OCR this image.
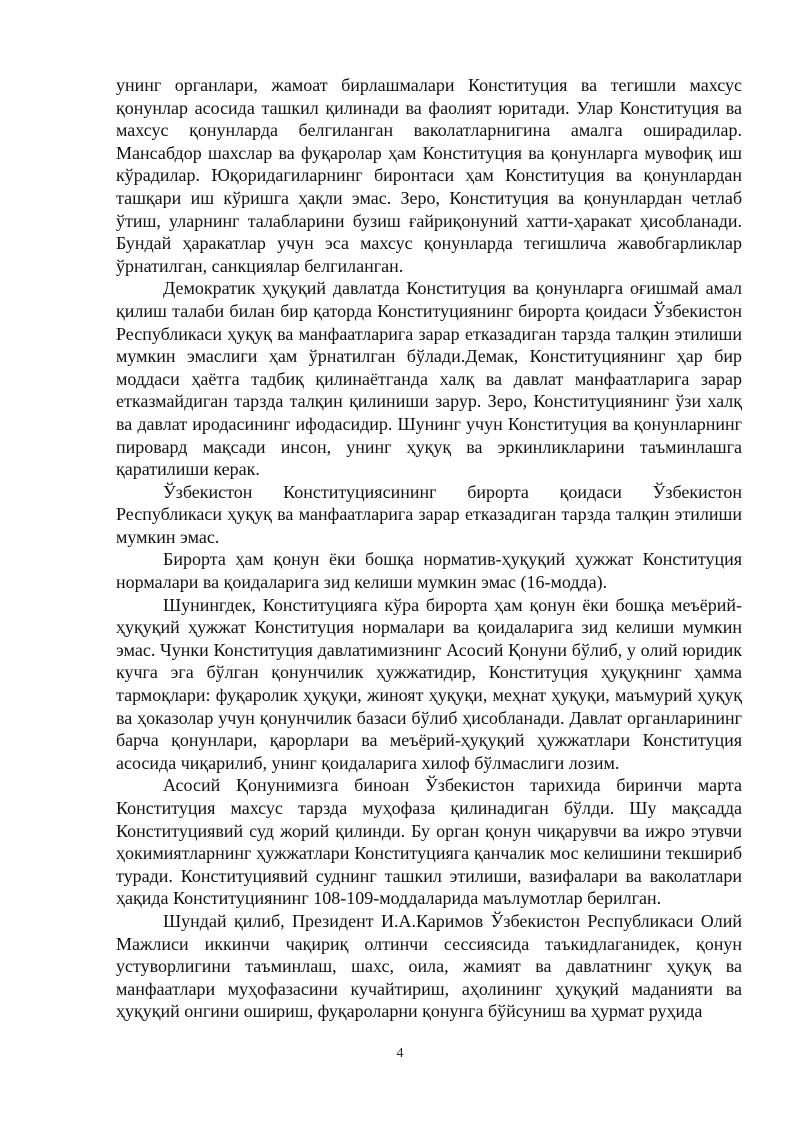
унинг органлари, жамоат бирлашмалари Конституция ва тегишли махсус қонунлар асосида ташкил қилинади ва фаолият юритади. Улар Конституция ва махсус қонунларда белгиланган ваколатларнигина амалга оширадилар. Мансабдор шахслар ва фуқаролар ҳам Конституция ва қонунларга мувофиқ иш кўрадилар. Юқоридагиларнинг биронтаси ҳам Конституция ва қонунлардан ташқари иш кўришга ҳақли эмас. Зеро, Конституция ва қонунлардан четлаб ўтиш, уларнинг талабларини бузиш ғайриқонуний хатти-ҳаракат ҳисобланади. Бундай ҳаракатлар учун эса махсус қонунларда тегишлича жавобгарликлар ўрнатилган, санкциялар белгиланган.

Демократик ҳуқуқий давлатда Конституция ва қонунларга оғишмай амал қилиш талаби билан бир қаторда Конституциянинг бирорта қоидаси Ўзбекистон Республикаси ҳуқуқ ва манфаатларига зарар етказадиган тарзда талқин этилиши мумкин эмаслиги ҳам ўрнатилган бўлади.Демак, Конституциянинг ҳар бир моддаси ҳаётга тадбиқ қилинаётганда халқ ва давлат манфаатларига зарар етказмайдиган тарзда талқин қилиниши зарур. Зеро, Конституциянинг ўзи халқ ва давлат иродасининг ифодасидир. Шунинг учун Конституция ва қонунларнинг пировард мақсади инсон, унинг ҳуқуқ ва эркинликларини таъминлашга қаратилиши керак.

Ўзбекистон Конституциясининг бирорта қоидаси Ўзбекистон Республикаси ҳуқуқ ва манфаатларига зарар етказадиган тарзда талқин этилиши мумкин эмас.

Бирорта ҳам қонун ёки бошқа норматив-ҳуқуқий ҳужжат Конституция нормалари ва қоидаларига зид келиши мумкин эмас (16-модда).

Шунингдек, Конституцияга кўра бирорта ҳам қонун ёки бошқа меъёрий-ҳуқуқий ҳужжат Конституция нормалари ва қоидаларига зид келиши мумкин эмас. Чунки Конституция давлатимизнинг Асосий Қонуни бўлиб, у олий юридик кучга эга бўлган қонунчилик ҳужжатидир, Конституция ҳуқуқнинг ҳамма тармоқлари: фуқаролик ҳуқуқи, жиноят ҳуқуқи, меҳнат ҳуқуқи, маъмурий ҳуқуқ ва ҳоказолар учун қонунчилик базаси бўлиб ҳисобланади. Давлат органларининг барча қонунлари, қарорлари ва меъёрий-ҳуқуқий ҳужжатлари Конституция асосида чиқарилиб, унинг қоидаларига хилоф бўлмаслиги лозим.

Асосий Қонунимизга биноан Ўзбекистон тарихида биринчи марта Конституция махсус тарзда муҳофаза қилинадиган бўлди. Шу мақсадда Конституциявий суд жорий қилинди. Бу орган қонун чиқарувчи ва ижро этувчи ҳокимиятларнинг ҳужжатлари Конституцияга қанчалик мос келишини текшириб туради. Конституциявий суднинг ташкил этилиши, вазифалари ва ваколатлари ҳақида Конституциянинг 108-109-моддаларида маълумотлар берилган.

Шундай қилиб, Президент И.А.Каримов Ўзбекистон Республикаси Олий Мажлиси иккинчи чақириқ олтинчи сессиясида таъкидлаганидек, қонун устуворлигини таъминлаш, шахс, оила, жамият ва давлатнинг ҳуқуқ ва манфаатлари муҳофазасини кучайтириш, аҳолининг ҳуқуқий маданияти ва ҳуқуқий онгини ошириш, фуқароларни қонунга бўйсуниш ва ҳурмат руҳида

4
